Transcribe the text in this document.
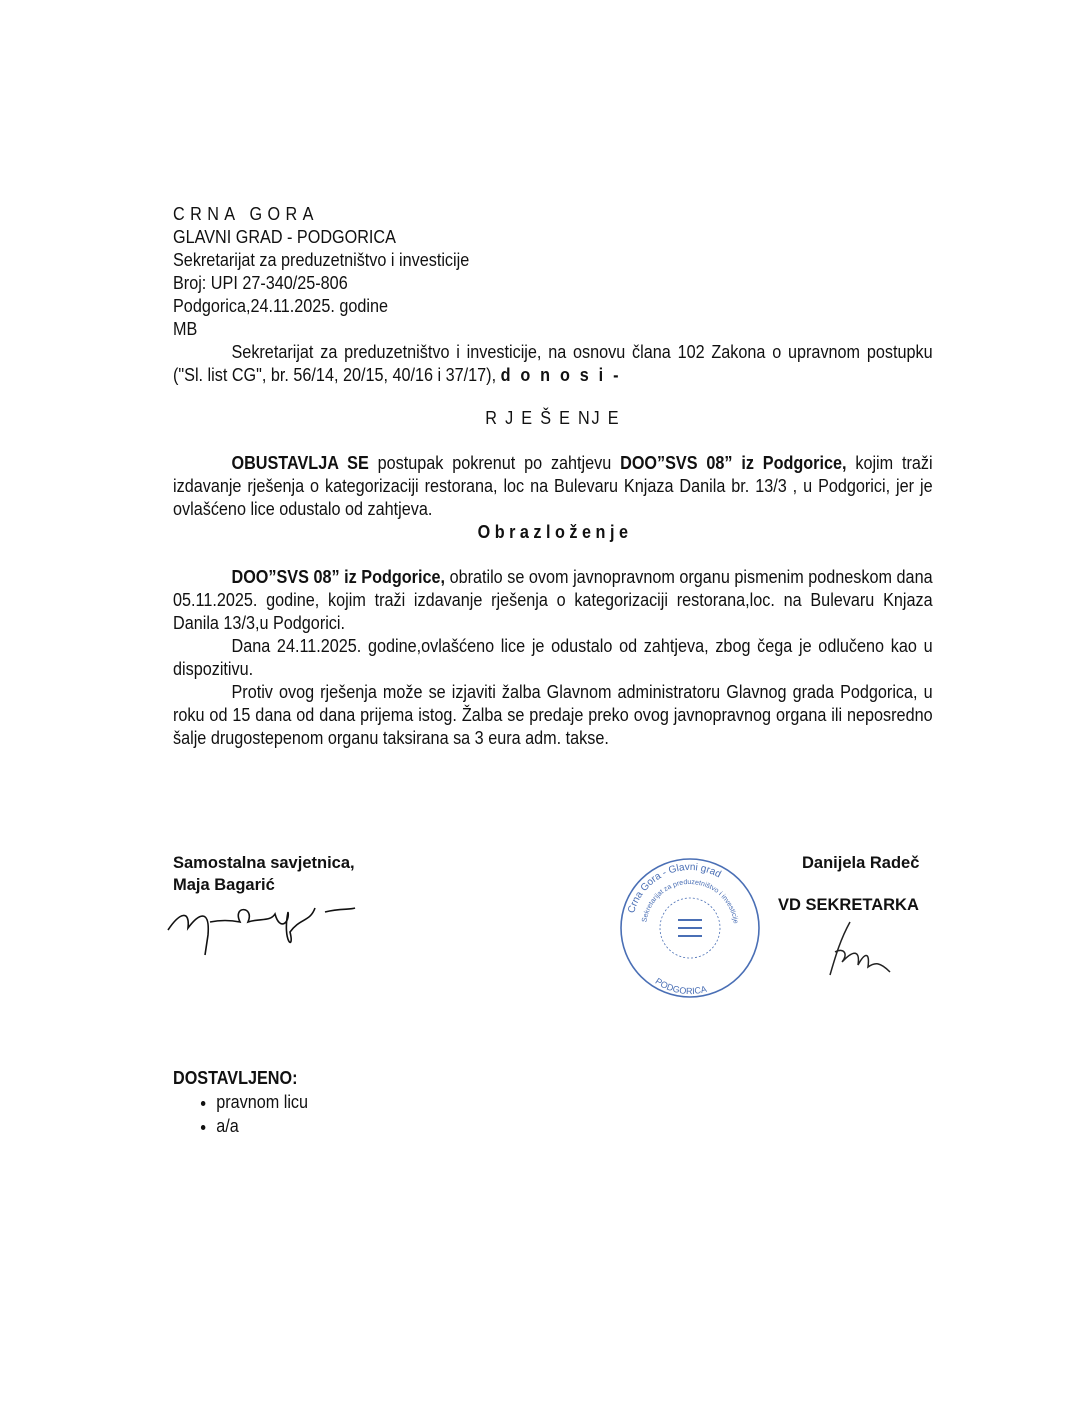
CRNA GORA

GLAVNI GRAD - PODGORICA

Sekretarijat za preduzetništvo i investicije

Broj: UPI 27-340/25-806

Podgorica,24.11.2025. godine

MB

Sekretarijat za preduzetništvo i investicije, na osnovu člana 102 Zakona o upravnom postupku ("Sl. list CG", br. 56/14, 20/15, 40/16 i 37/17), d o n o s i -

R J E Š E NJ E

OBUSTAVLJA SE postupak pokrenut po zahtjevu DOO”SVS 08” iz Podgorice, kojim traži izdavanje rješenja o kategorizaciji restorana, loc na Bulevaru Knjaza Danila br. 13/3 , u Podgorici, jer je ovlašćeno lice odustalo od zahtjeva.

O b r a z l o ž e n j e

DOO”SVS 08” iz Podgorice, obratilo se ovom javnopravnom organu pismenim podneskom dana 05.11.2025. godine, kojim traži izdavanje rješenja o kategorizaciji restorana,loc. na Bulevaru Knjaza Danila 13/3,u Podgorici.

Dana 24.11.2025. godine,ovlašćeno lice je odustalo od zahtjeva, zbog čega je odlučeno kao u dispozitivu.

Protiv ovog rješenja može se izjaviti žalba Glavnom administratoru Glavnog grada Podgorica, u roku od 15 dana od dana prijema istog. Žalba se predaje preko ovog javnopravnog organa ili neposredno šalje drugostepenom organu taksirana sa 3 eura adm. takse.

Samostalna savjetnica,
Maja Bagarić
Crna Gora - Glavni grad
Sekretarijat za preduzetništvo i investicije
PODGORICA
Danijela Radeč
VD SEKRETARKA

DOSTAVLJENO:

• pravnom licu
• a/a
